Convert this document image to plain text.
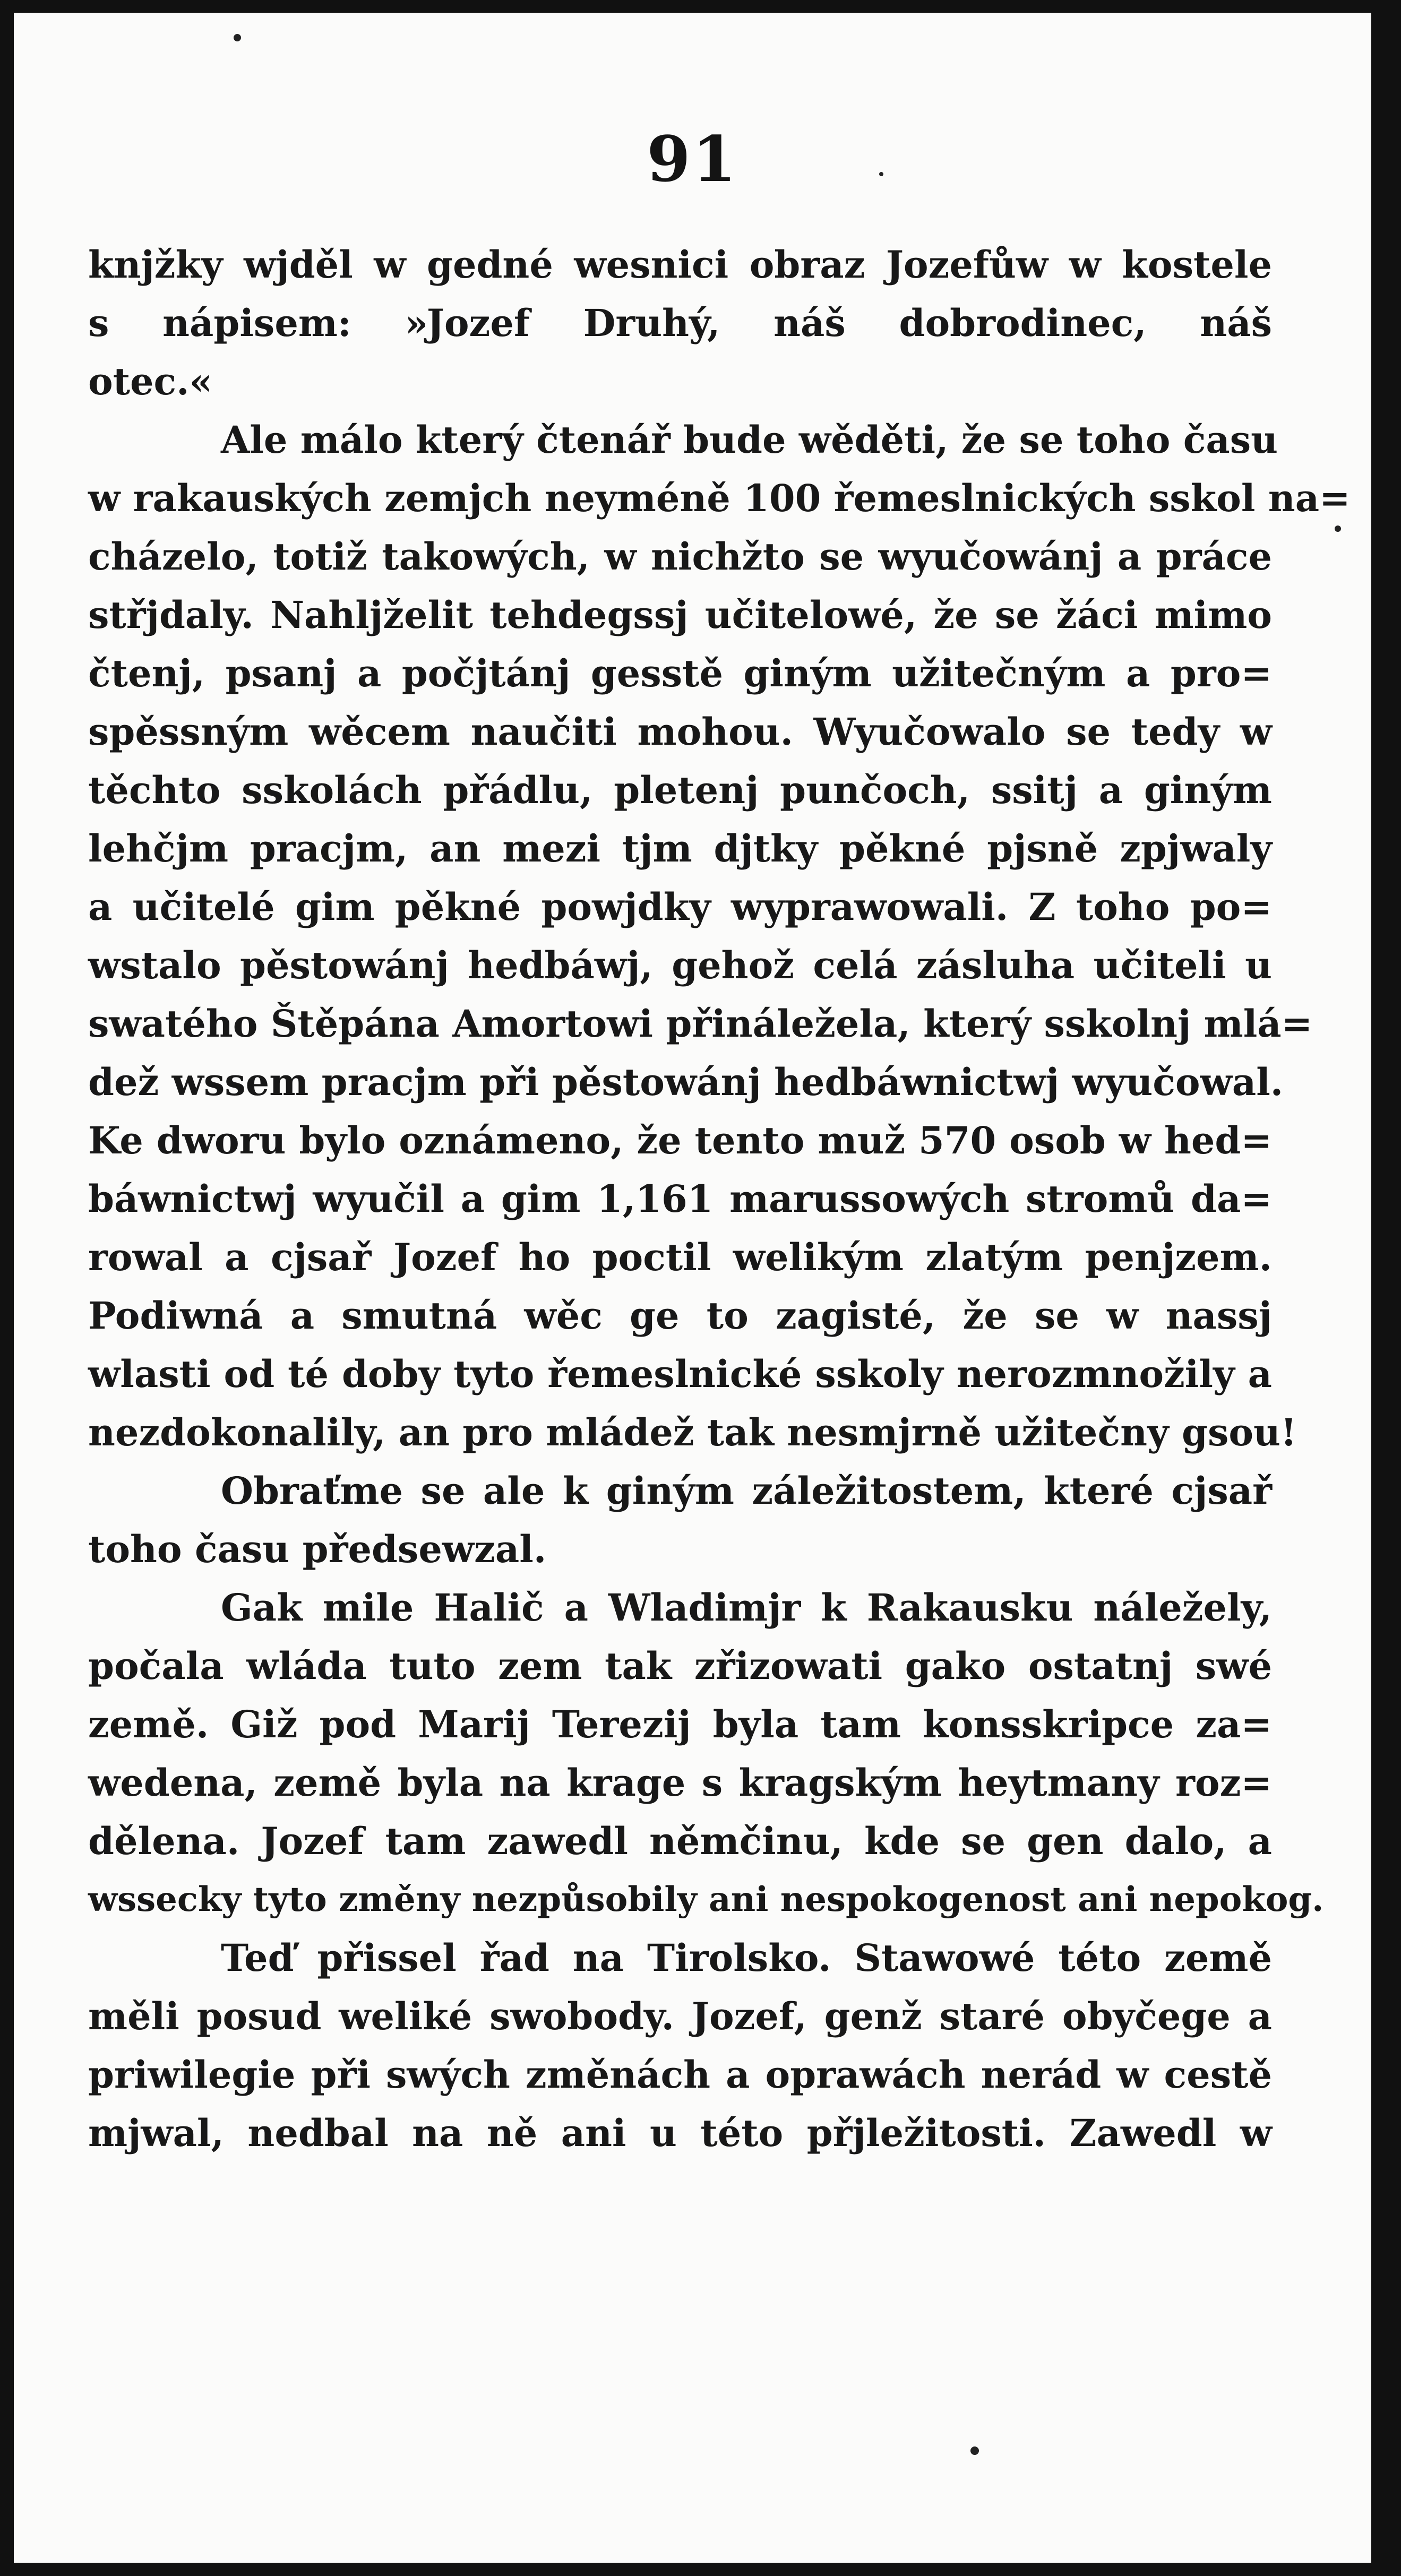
91
knjžky wjděl w gedné wesnici obraz Jozefůw w kostele
s nápisem: »Jozef Druhý, náš dobrodinec, náš
otec.«
Ale málo který čtenář bude wěděti, že se toho času
w rakauských zemjch neyméně 100 řemeslnických sskol na=
cházelo, totiž takowých, w nichžto se wyučowánj a práce
střjdaly. Nahljželit tehdegssj učitelowé, že se žáci mimo
čtenj, psanj a počjtánj gesstě giným užitečným a pro=
spěssným wěcem naučiti mohou. Wyučowalo se tedy w
těchto sskolách přádlu, pletenj punčoch, ssitj a giným
lehčjm pracjm, an mezi tjm djtky pěkné pjsně zpjwaly
a učitelé gim pěkné powjdky wyprawowali. Z toho po=
wstalo pěstowánj hedbáwj, gehož celá zásluha učiteli u
swatého Štěpána Amortowi přináležela, který sskolnj mlá=
dež wssem pracjm při pěstowánj hedbáwnictwj wyučowal.
Ke dworu bylo oznámeno, že tento muž 570 osob w hed=
báwnictwj wyučil a gim 1,161 marussowých stromů da=
rowal a cjsař Jozef ho poctil welikým zlatým penjzem.
Podiwná a smutná wěc ge to zagisté, že se w nassj
wlasti od té doby tyto řemeslnické sskoly nerozmnožily a
nezdokonalily, an pro mládež tak nesmjrně užitečny gsou!
Obraťme se ale k giným záležitostem, které cjsař
toho času předsewzal.
Gak mile Halič a Wladimjr k Rakausku náležely,
počala wláda tuto zem tak zřizowati gako ostatnj swé
země. Giž pod Marij Terezij byla tam konsskripce za=
wedena, země byla na krage s kragským heytmany roz=
dělena. Jozef tam zawedl němčinu, kde se gen dalo, a
wssecky tyto změny nezpůsobily ani nespokogenost ani nepokog.
Teď přissel řad na Tirolsko. Stawowé této země
měli posud weliké swobody. Jozef, genž staré obyčege a
priwilegie při swých změnách a oprawách nerád w cestě
mjwal, nedbal na ně ani u této přjležitosti. Zawedl w
